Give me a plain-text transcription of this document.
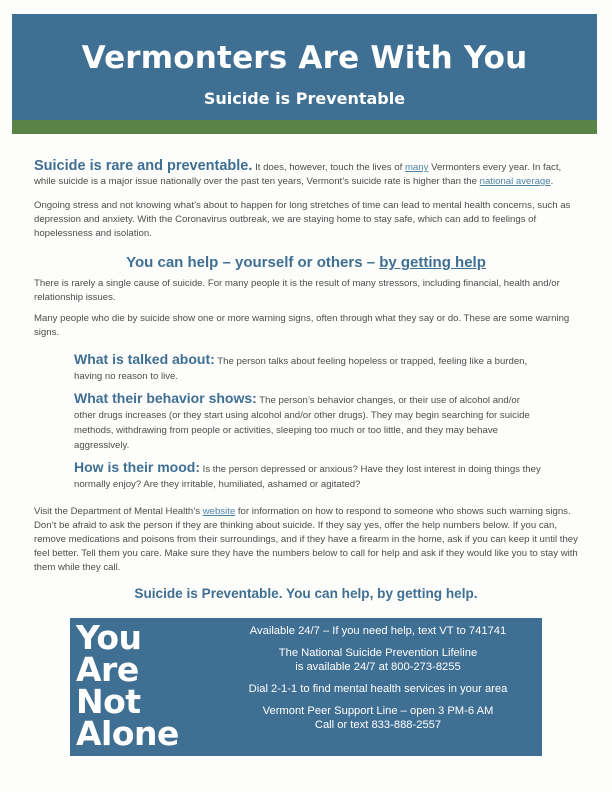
Vermonters Are With You
Suicide is Preventable

Suicide is rare and preventable. It does, however, touch the lives of many Vermonters every year. In fact, while suicide is a major issue nationally over the past ten years, Vermont’s suicide rate is higher than the national average.

Ongoing stress and not knowing what’s about to happen for long stretches of time can lead to mental health concerns, such as depression and anxiety. With the Coronavirus outbreak, we are staying home to stay safe, which can add to feelings of hopelessness and isolation.

You can help – yourself or others – by getting help

There is rarely a single cause of suicide. For many people it is the result of many stressors, including financial, health and/or relationship issues.

Many people who die by suicide show one or more warning signs, often through what they say or do. These are some warning signs.

What is talked about: The person talks about feeling hopeless or trapped, feeling like a burden, having no reason to live.

What their behavior shows: The person’s behavior changes, or their use of alcohol and/or other drugs increases (or they start using alcohol and/or other drugs). They may begin searching for suicide methods, withdrawing from people or activities, sleeping too much or too little, and they may behave aggressively.

How is their mood: Is the person depressed or anxious? Have they lost interest in doing things they normally enjoy? Are they irritable, humiliated, ashamed or agitated?

Visit the Department of Mental Health’s website for information on how to respond to someone who shows such warning signs. Don’t be afraid to ask the person if they are thinking about suicide. If they say yes, offer the help numbers below. If you can, remove medications and poisons from their surroundings, and if they have a firearm in the home, ask if you can keep it until they feel better. Tell them you care. Make sure they have the numbers below to call for help and ask if they would like you to stay with them while they call.

Suicide is Preventable. You can help, by getting help.

You
Are
Not
Alone

Available 24/7 – If you need help, text VT to 741741

The National Suicide Prevention Lifeline
is available 24/7 at 800-273-8255

Dial 2-1-1 to find mental health services in your area

Vermont Peer Support Line – open 3 PM-6 AM
Call or text 833-888-2557
